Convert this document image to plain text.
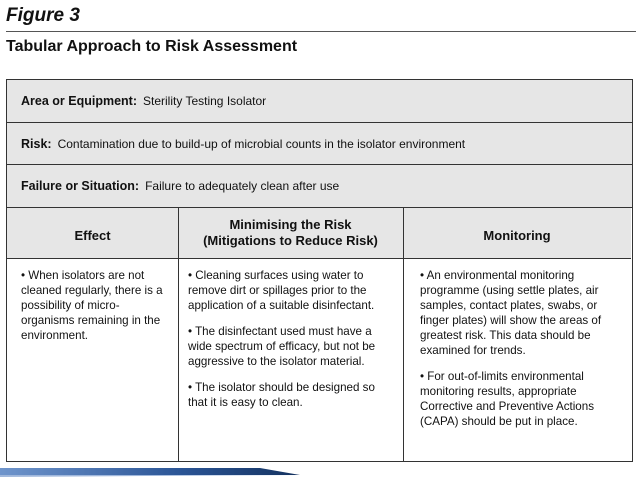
Figure 3
Tabular Approach to Risk Assessment
Area or Equipment: Sterility Testing Isolator
Risk: Contamination due to build-up of microbial counts in the isolator environment
Failure or Situation: Failure to adequately clean after use
Effect
Minimising the Risk
(Mitigations to Reduce Risk)	Monitoring

• When isolators are not cleaned regularly, there is a possibility of micro-organisms remaining in the environment.

• Cleaning surfaces using water to remove dirt or spillages prior to the application of a suitable disinfectant.

• The disinfectant used must have a wide spectrum of efficacy, but not be aggressive to the isolator material.

• The isolator should be designed so that it is easy to clean.

• An environmental monitoring programme (using settle plates, air samples, contact plates, swabs, or finger plates) will show the areas of greatest risk. This data should be examined for trends.

• For out-of-limits environmental monitoring results, appropriate Corrective and Preventive Actions (CAPA) should be put in place.
